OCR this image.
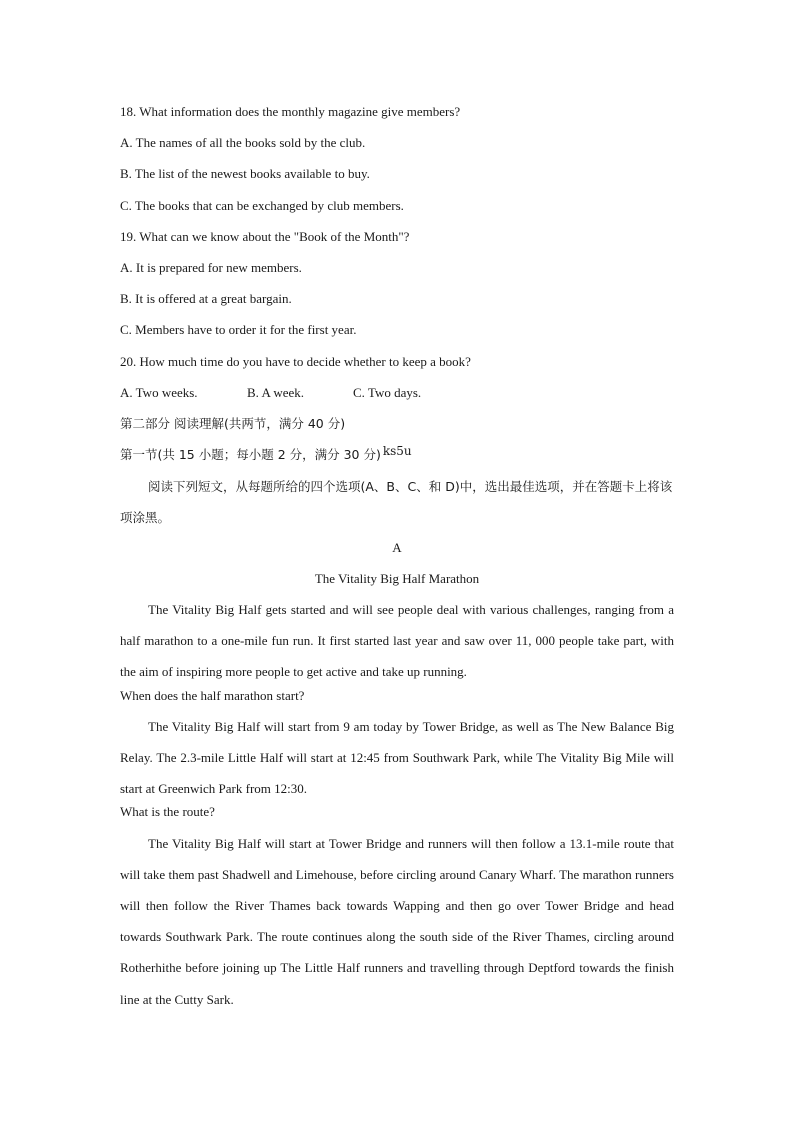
18. What information does the monthly magazine give members?
A. The names of all the books sold by the club.
B. The list of the newest books available to buy.
C. The books that can be exchanged by club members.
19. What can we know about the "Book of the Month"?
A. It is prepared for new members.
B. It is offered at a great bargain.
C. Members have to order it for the first year.
20. How much time do you have to decide whether to keep a book?
A. Two weeks.	B. A week.	C. Two days.
第二部分 阅读理解(共两节，满分 40 分)
第一节(共 15 小题；每小题 2 分，满分 30 分) ks5u

阅读下列短文，从每题所给的四个选项(A、B、C、和 D)中，选出最佳选项，并在答题卡上将该项涂黑。

A
The Vitality Big Half Marathon

The Vitality Big Half gets started and will see people deal with various challenges, ranging from a half marathon to a one-mile fun run. It first started last year and saw over 11, 000 people take part, with the aim of inspiring more people to get active and take up running.

When does the half marathon start?

The Vitality Big Half will start from 9 am today by Tower Bridge, as well as The New Balance Big Relay. The 2.3-mile Little Half will start at 12:45 from Southwark Park, while The Vitality Big Mile will start at Greenwich Park from 12:30.

What is the route?

The Vitality Big Half will start at Tower Bridge and runners will then follow a 13.1-mile route that will take them past Shadwell and Limehouse, before circling around Canary Wharf. The marathon runners will then follow the River Thames back towards Wapping and then go over Tower Bridge and head towards Southwark Park. The route continues along the south side of the River Thames, circling around Rotherhithe before joining up The Little Half runners and travelling through Deptford towards the finish line at the Cutty Sark.
